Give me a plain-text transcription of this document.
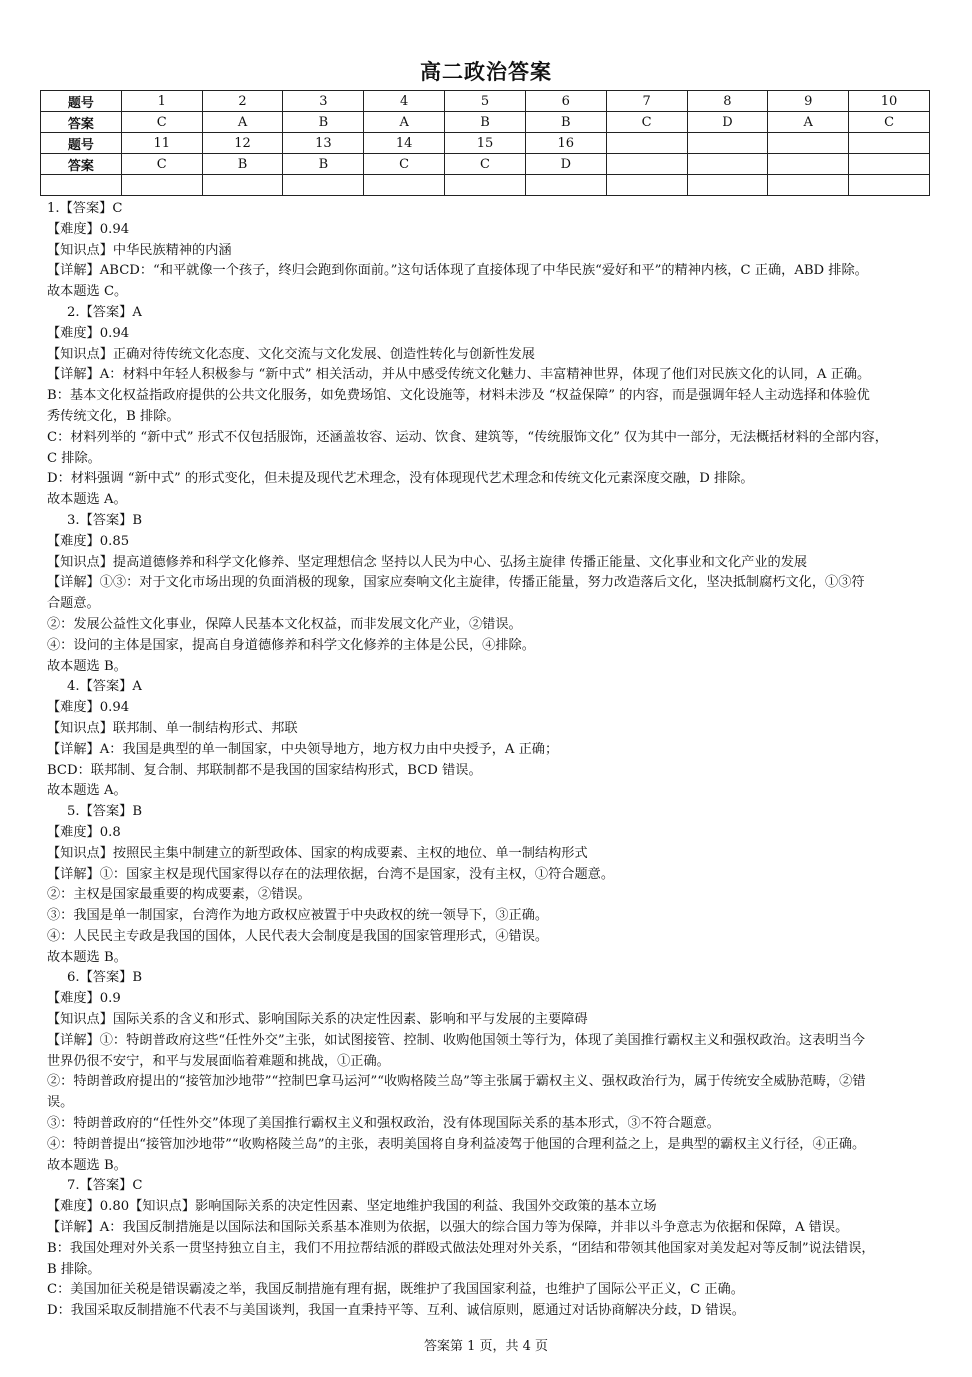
高二政治答案
题号	1	2	3	4	5	6	7	8	9	10
答案	C	A	B	A	B	B	C	D	A	C
题号	11	12	13	14	15	16				
答案	C	B	B	C	C	D				

1.【答案】C

【难度】0.94

【知识点】中华民族精神的内涵

【详解】ABCD：“和平就像一个孩子，终归会跑到你面前。”这句话体现了直接体现了中华民族“爱好和平”的精神内核，C 正确，ABD 排除。

故本题选 C。

2.【答案】A

【难度】0.94

【知识点】正确对待传统文化态度、文化交流与文化发展、创造性转化与创新性发展

【详解】A：材料中年轻人积极参与 “新中式” 相关活动，并从中感受传统文化魅力、丰富精神世界，体现了他们对民族文化的认同，A 正确。

B：基本文化权益指政府提供的公共文化服务，如免费场馆、文化设施等，材料未涉及 “权益保障” 的内容，而是强调年轻人主动选择和体验优

秀传统文化，B 排除。

C：材料列举的 “新中式” 形式不仅包括服饰，还涵盖妆容、运动、饮食、建筑等，“传统服饰文化” 仅为其中一部分，无法概括材料的全部内容，

C 排除。

D：材料强调 “新中式” 的形式变化，但未提及现代艺术理念，没有体现现代艺术理念和传统文化元素深度交融，D 排除。

故本题选 A。

3.【答案】B

【难度】0.85

【知识点】提高道德修养和科学文化修养、坚定理想信念 坚持以人民为中心、弘扬主旋律 传播正能量、文化事业和文化产业的发展

【详解】①③：对于文化市场出现的负面消极的现象，国家应奏响文化主旋律，传播正能量，努力改造落后文化，坚决抵制腐朽文化，①③符

合题意。

②：发展公益性文化事业，保障人民基本文化权益，而非发展文化产业，②错误。

④：设问的主体是国家，提高自身道德修养和科学文化修养的主体是公民，④排除。

故本题选 B。

4.【答案】A

【难度】0.94

【知识点】联邦制、单一制结构形式、邦联

【详解】A：我国是典型的单一制国家，中央领导地方，地方权力由中央授予，A 正确；

BCD：联邦制、复合制、邦联制都不是我国的国家结构形式，BCD 错误。

故本题选 A。

5.【答案】B

【难度】0.8

【知识点】按照民主集中制建立的新型政体、国家的构成要素、主权的地位、单一制结构形式

【详解】①：国家主权是现代国家得以存在的法理依据，台湾不是国家，没有主权，①符合题意。

②：主权是国家最重要的构成要素，②错误。

③：我国是单一制国家，台湾作为地方政权应被置于中央政权的统一领导下，③正确。

④：人民民主专政是我国的国体，人民代表大会制度是我国的国家管理形式，④错误。

故本题选 B。

6.【答案】B

【难度】0.9

【知识点】国际关系的含义和形式、影响国际关系的决定性因素、影响和平与发展的主要障碍

【详解】①：特朗普政府这些“任性外交”主张，如试图接管、控制、收购他国领土等行为，体现了美国推行霸权主义和强权政治。这表明当今

世界仍很不安宁，和平与发展面临着难题和挑战，①正确。

②：特朗普政府提出的“接管加沙地带”“控制巴拿马运河”“收购格陵兰岛”等主张属于霸权主义、强权政治行为，属于传统安全威胁范畴，②错

误。

③：特朗普政府的“任性外交”体现了美国推行霸权主义和强权政治，没有体现国际关系的基本形式，③不符合题意。

④：特朗普提出“接管加沙地带”“收购格陵兰岛”的主张，表明美国将自身利益凌驾于他国的合理利益之上，是典型的霸权主义行径，④正确。

故本题选 B。

7.【答案】C

【难度】0.80【知识点】影响国际关系的决定性因素、坚定地维护我国的利益、我国外交政策的基本立场

【详解】A：我国反制措施是以国际法和国际关系基本准则为依据，以强大的综合国力等为保障，并非以斗争意志为依据和保障，A 错误。

B：我国处理对外关系一贯坚持独立自主，我们不用拉帮结派的群殴式做法处理对外关系，“团结和带领其他国家对美发起对等反制”说法错误，

B 排除。

C：美国加征关税是错误霸凌之举，我国反制措施有理有据，既维护了我国国家利益，也维护了国际公平正义，C 正确。

D：我国采取反制措施不代表不与美国谈判，我国一直秉持平等、互利、诚信原则，愿通过对话协商解决分歧，D 错误。

答案第 1 页，共 4 页
